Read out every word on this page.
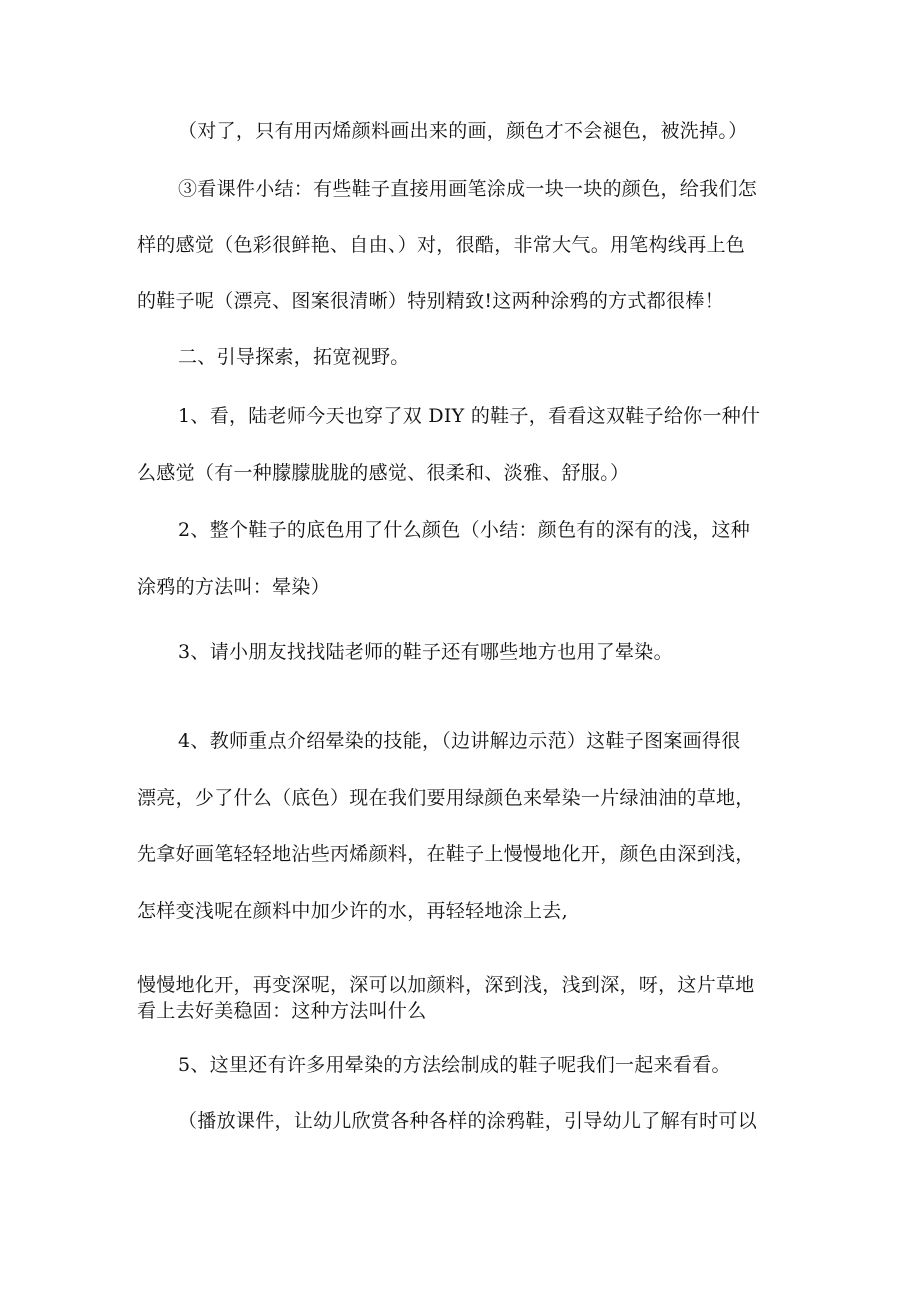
（对了，只有用丙烯颜料画出来的画，颜色才不会褪色，被洗掉。）
③看课件小结：有些鞋子直接用画笔涂成一块一块的颜色，给我们怎
样的感觉（色彩很鲜艳、自由、）对，很酷，非常大气。用笔构线再上色
的鞋子呢（漂亮、图案很清晰）特别精致!这两种涂鸦的方式都很棒！
二、引导探索，拓宽视野。
1、看，陆老师今天也穿了双 DIY 的鞋子，看看这双鞋子给你一种什
么感觉（有一种朦朦胧胧的感觉、很柔和、淡雅、舒服。）
2、整个鞋子的底色用了什么颜色（小结：颜色有的深有的浅，这种
涂鸦的方法叫：晕染）
3、请小朋友找找陆老师的鞋子还有哪些地方也用了晕染。
4、教师重点介绍晕染的技能，（边讲解边示范）这鞋子图案画得很
漂亮，少了什么（底色）现在我们要用绿颜色来晕染一片绿油油的草地，
先拿好画笔轻轻地沾些丙烯颜料，在鞋子上慢慢地化开，颜色由深到浅，
怎样变浅呢在颜料中加少许的水，再轻轻地涂上去,
慢慢地化开，再变深呢，深可以加颜料，深到浅，浅到深，呀，这片草地
看上去好美稳固：这种方法叫什么
5、这里还有许多用晕染的方法绘制成的鞋子呢我们一起来看看。
（播放课件，让幼儿欣赏各种各样的涂鸦鞋，引导幼儿了解有时可以
